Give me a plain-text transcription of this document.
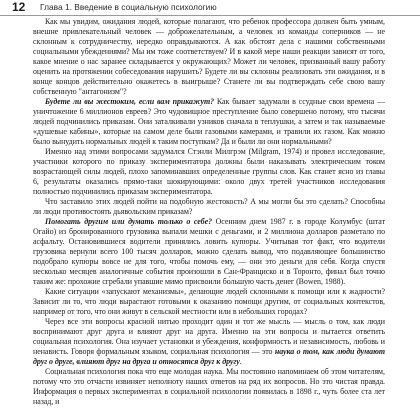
12 Глава 1. Введение в социальную психологию

Как мы увидим, ожидания людей, которые полагают, что ребенок профессора должен быть умным, внешне привлекательный человек — доброжелательным, а человек из команды соперников — не склонным к сотрудничеству, нередко оправдываются. А как обстоят дела с нашими собственными социальными убеждениями? Мы им тоже соответствуем? И в какой мере наши реакции зависят от того, какое мнение о нас заранее складывается у окружающих? Может ли человек, призванный вашу работу оценить на протяжении собеседования нарушить? Будете ли вы склонны реализовать эти ожидания, и в конце концов действительно окажетесь в выигрыше? Станете ли вы подтверждать себе свою вашу собственную "антагонизм"?

Будете ли вы жестоким, если вам прикажут? Как бывает задумали в ссудные свои времена — уничтожение 6 миллионов евреев? Это чудовищное преступление было совершено потому, что тысячи людей подчинились приказам. Они заталкивали узников сначала в теплушки, а затем и так называемые «душевые кабины», которые на самом деле были газовыми камерами, и травили их газом. Как можно было вынудить нормальных людей к таким поступкам? Да и были ли они нормальными?

Именно над этими вопросами задумался Стэнли Милгрэм (Milgram, 1974) и провел исследование, участники которого по приказу экспериментатора должны были наказывать электрическим током возрастающей силы людей, плохо запоминавших определенные группы слов. Как станет ясно из главы 6, результаты оказались прямо-таки шокирующими: около двух третей участников исследования полностью подчинились приказам экспериментатора.

Что заставило этих людей пойти на подобную жестокость? А мы могли бы это сделать? Способны ли люди противостоять дьявольским приказам?

Помогать другим или думать только о себе? Осенним днем 1987 г. в городе Колумбус (штат Огайо) из бронированного грузовика выпали мешки с деньгами, и 2 миллиона долларов разметало по асфальту. Остановившиеся водители принялись ловить купюры. Учитывая тот факт, что водители грузовика вернули всего 100 тысяч долларов, можно сделать вывод, что подавляющее большинство подобрало купюры вовсе не для того, чтобы помочь ему, — они это деньги для себя. Когда спустя несколько месяцев аналогичные события произошли в Сан-Франциско и в Торонто, финал был точно таким же: прохожие сгребали упавшие мимо присвоили бо́льшую часть денег (Bowen, 1988).

Какие ситуации «запускают механизмы», делающие людей склонными к помощи или к жадности? Зависит ли то, что люди вырастают готовыми к оказанию помощи другим, от социальных контекстов, например от того, что они живут в сельской местности или в небольших городах?

Через все эти вопросы красной нитью проходит один и тот же мысль — мысль о том, как люди воспринимают друг друга и влияют друг на друга. Именно на эти вопросы и пытается ответить социальная психология. Она изучает установки и убеждения, конформность и независимость, любовь и ненависть. Говоря формальным языком, социальная психология — это наука о том, как люди думают друг о друге, влияют друг на друга и относятся друг к другу.

Социальная психология пока что еще молодая наука. Мы постоянно напоминаем об этом читателям, потому что это отчасти извиняет неполноту наших ответов на ряд их вопросов. Но это чистая правда. Информация о первых экспериментах в социальной психологии появилась в 1898 г., чуть более ста лет назад, и
